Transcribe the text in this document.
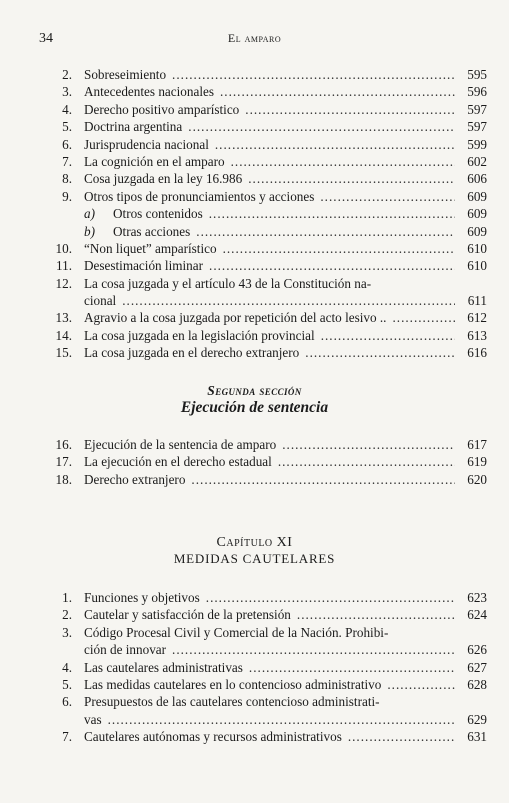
34	El amparo
2. Sobreseimiento .....	595
3. Antecedentes nacionales .....	596
4. Derecho positivo amparístico .....	597
5. Doctrina argentina .....	597
6. Jurisprudencia nacional .....	599
7. La cognición en el amparo .....	602
8. Cosa juzgada en la ley 16.986 .....	606
9. Otros tipos de pronunciamientos y acciones .....	609
a)	Otros contenidos .....	609
b)	Otras acciones .....	609
10. “Non liquet” amparístico .....	610
11. Desestimación liminar .....	610
12. La cosa juzgada y el artículo 43 de la Constitución na-
cional .....	611
13. Agravio a la cosa juzgada por repetición del acto lesivo .. .....	612
14. La cosa juzgada en la legislación provincial .....	613
15. La cosa juzgada en el derecho extranjero .....	616
Segunda sección
Ejecución de sentencia
16. Ejecución de la sentencia de amparo .....	617
17. La ejecución en el derecho estadual .....	619
18. Derecho extranjero .....	620
Capítulo XI
MEDIDAS CAUTELARES
1. Funciones y objetivos .....	623
2. Cautelar y satisfacción de la pretensión .....	624
3. Código Procesal Civil y Comercial de la Nación. Prohibi-
ción de innovar .....	626
4. Las cautelares administrativas .....	627
5. Las medidas cautelares en lo contencioso administrativo .....	628
6. Presupuestos de las cautelares contencioso administrati-
vas .....	629
7. Cautelares autónomas y recursos administrativos .....	631
